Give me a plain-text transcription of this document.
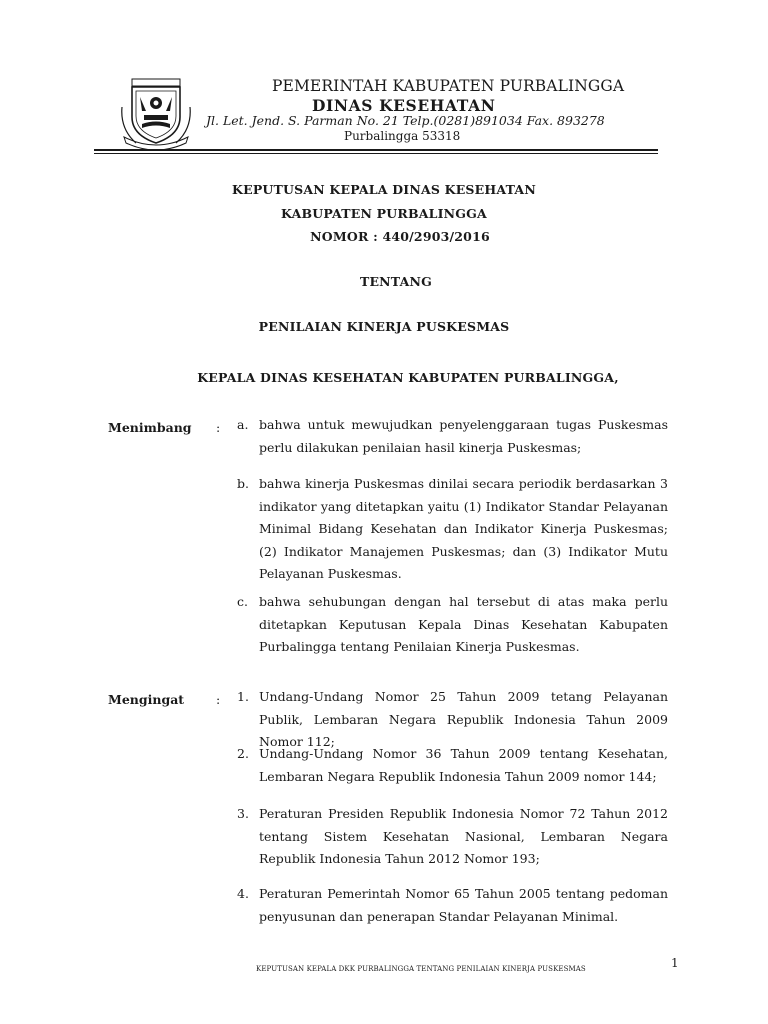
PEMERINTAH KABUPATEN PURBALINGGA
DINAS KESEHATAN
Jl. Let. Jend. S. Parman No. 21 Telp.(0281)891034 Fax. 893278
Purbalingga 53318
KEPUTUSAN KEPALA DINAS KESEHATAN
KABUPATEN PURBALINGGA
NOMOR : 440/2903/2016
TENTANG
PENILAIAN KINERJA PUSKESMAS
KEPALA DINAS KESEHATAN KABUPATEN PURBALINGGA,
Menimbang : a. bahwa untuk mewujudkan penyelenggaraan tugas Puskesmas perlu dilakukan penilaian hasil kinerja Puskesmas;

b. bahwa kinerja Puskesmas dinilai secara periodik berdasarkan 3 indikator yang ditetapkan yaitu (1) Indikator Standar Pelayanan Minimal Bidang Kesehatan dan Indikator Kinerja Puskesmas; (2) Indikator Manajemen Puskesmas; dan (3) Indikator Mutu Pelayanan Puskesmas.

c. bahwa sehubungan dengan hal tersebut di atas maka perlu ditetapkan Keputusan Kepala Dinas Kesehatan Kabupaten Purbalingga tentang Penilaian Kinerja Puskesmas.

Mengingat	: 1. Undang-Undang Nomor 25 Tahun 2009 tetang Pelayanan Publik, Lembaran Negara Republik Indonesia Tahun 2009 Nomor 112;

2. Undang-Undang Nomor 36 Tahun 2009 tentang Kesehatan, Lembaran Negara Republik Indonesia Tahun 2009 nomor 144;

3. Peraturan Presiden Republik Indonesia Nomor 72 Tahun 2012 tentang Sistem Kesehatan Nasional, Lembaran Negara Republik Indonesia Tahun 2012 Nomor 193;

4. Peraturan Pemerintah Nomor 65 Tahun 2005 tentang pedoman penyusunan dan penerapan Standar Pelayanan Minimal.

1
KEPUTUSAN KEPALA DKK PURBALINGGA TENTANG PENILAIAN KINERJA PUSKESMAS
